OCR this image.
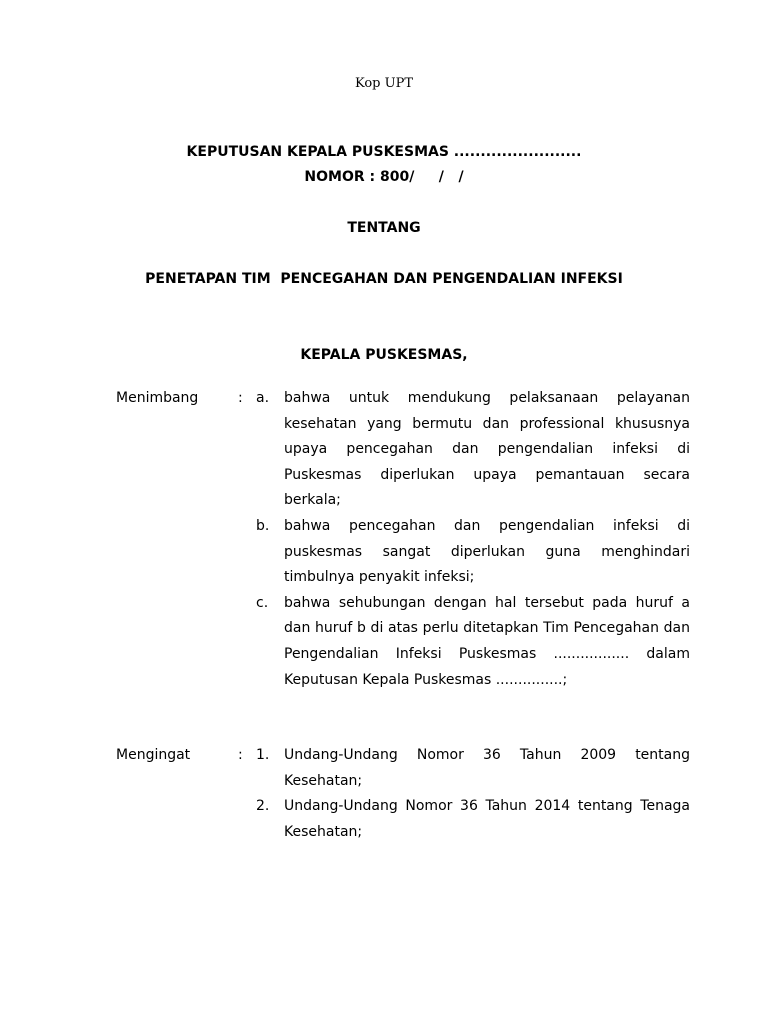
Kop UPT
KEPUTUSAN KEPALA PUSKESMAS ........................
NOMOR : 800/     /   /
TENTANG
PENETAPAN TIM  PENCEGAHAN DAN PENGENDALIAN INFEKSI
KEPALA PUSKESMAS,
Menimbang	: a.	bahwa untuk mendukung pelaksanaan pelayanan kesehatan yang bermutu dan professional khususnya upaya pencegahan dan pengendalian infeksi di Puskesmas diperlukan upaya pemantauan secara berkala;
b.	bahwa pencegahan dan pengendalian infeksi di puskesmas sangat diperlukan guna menghindari timbulnya penyakit infeksi;
c.	bahwa sehubungan dengan hal tersebut pada huruf a dan huruf b di atas perlu ditetapkan Tim Pencegahan dan Pengendalian Infeksi Puskesmas ................. dalam Keputusan Kepala Puskesmas ...............;
Mengingat	: 1.	Undang-Undang Nomor 36 Tahun 2009 tentang Kesehatan;
2.	Undang-Undang Nomor 36 Tahun 2014 tentang Tenaga Kesehatan;
